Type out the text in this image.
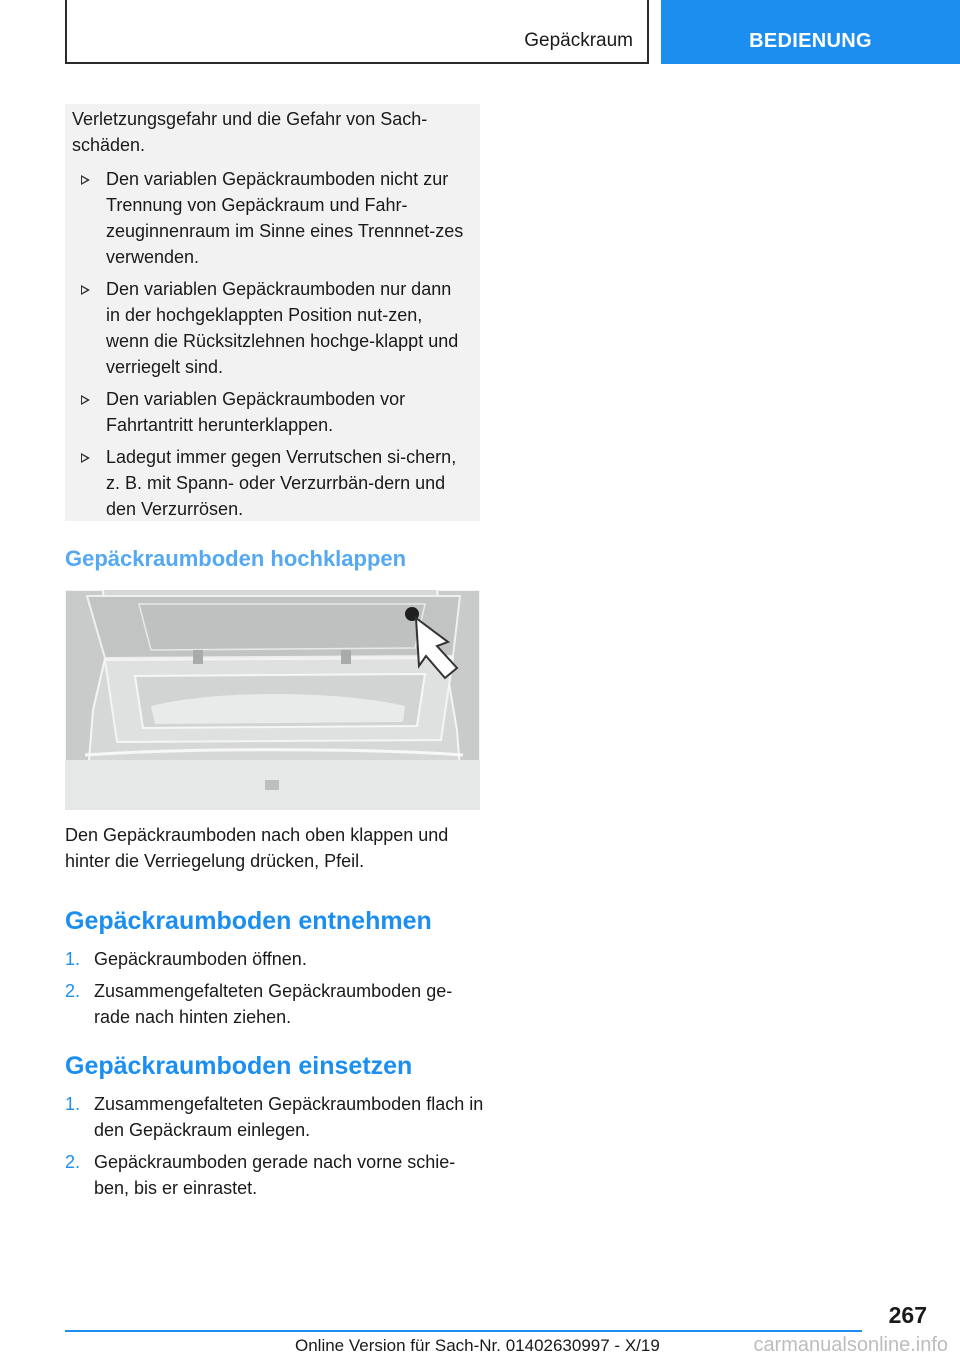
Gepäckraum	BEDIENUNG

Verletzungsgefahr und die Gefahr von Sach-schäden.

Den variablen Gepäckraumboden nicht zur Trennung von Gepäckraum und Fahr-zeuginnenraum im Sinne eines Trennnet-zes verwenden.
Den variablen Gepäckraumboden nur dann in der hochgeklappten Position nut-zen, wenn die Rücksitzlehnen hochge-klappt und verriegelt sind.
Den variablen Gepäckraumboden vor Fahrtantritt herunterklappen.
Ladegut immer gegen Verrutschen si-chern, z. B. mit Spann- oder Verzurrbän-dern und den Verzurrösen.
Gepäckraumboden hochklappen

Den Gepäckraumboden nach oben klappen und hinter die Verriegelung drücken, Pfeil.

Gepäckraumboden entnehmen
1. Gepäckraumboden öffnen.
2. Zusammengefalteten Gepäckraumboden ge-rade nach hinten ziehen.
Gepäckraumboden einsetzen
1. Zusammengefalteten Gepäckraumboden flach in den Gepäckraum einlegen.
2. Gepäckraumboden gerade nach vorne schie-ben, bis er einrastet.
267
Online Version für Sach-Nr. 01402630997 - X/19	carmanualsonline.info
